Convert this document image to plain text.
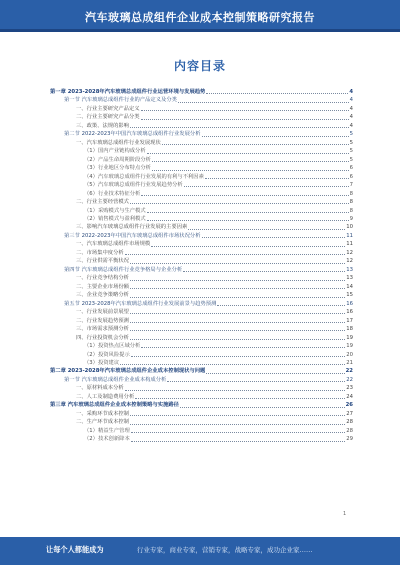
汽车玻璃总成组件企业成本控制策略研究报告
内容目录
第一章 2023-2028年汽车玻璃总成组件行业运营环境与发展趋势	4
第一节 汽车玻璃总成组件行业的产品定义及分类	4
一、行业主要研究产品定义	4
二、行业主要研究产品分类	4
三、政策、法规的影响	4
第二节 2022-2023年中国汽车玻璃总成组件行业发展分析	5
一、汽车玻璃总成组件行业发展现状	5
（1）国内产业链构成分析	5
（2）产品生命周期阶段分析	5
（3）行业地区分布特点分析	6
（4）汽车玻璃总成组件行业发展的有利与不利因素	6
（5）汽车玻璃总成组件行业发展趋势分析	7
（6）行业技术特征分析	8
二、行业主要经营模式	8
（1）采购模式与生产模式	8
（2）销售模式与盈利模式	9
三、影响汽车玻璃总成组件行业发展的主要因素	10
第三节 2022-2023年中国汽车玻璃总成组件市场状况分析	11
一、汽车玻璃总成组件市场规模	11
二、市场集中度分析	12
三、行业供需平衡状况	12
第四节 汽车玻璃总成组件行业竞争格局与企业分析	13
一、行业竞争结构分析	13
二、主要企业市场份额	14
三、企业竞争策略分析	15
第五节 2023-2028年汽车玻璃总成组件行业发展前景与趋势预测	16
一、行业发展前景展望	16
二、行业发展趋势预测	17
三、市场需求预测分析	18
四、行业投资机会分析	19
（1）投资热点区域分析	19
（2）投资风险提示	20
（3）投资建议	21
第二章 2023-2028年汽车玻璃总成组件企业成本控制现状与问题	22
第一节 汽车玻璃总成组件企业成本构成分析	22
一、原材料成本分析	23
二、人工及制造费用分析	24
第三章 汽车玻璃总成组件企业成本控制策略与实施路径	26
一、采购环节成本控制	27
二、生产环节成本控制	28
（1）精益生产管理	28
（2）技术创新降本	29
1
让每个人都能成为	行业专家，商业专家，营销专家，战略专家，成功企业家……
